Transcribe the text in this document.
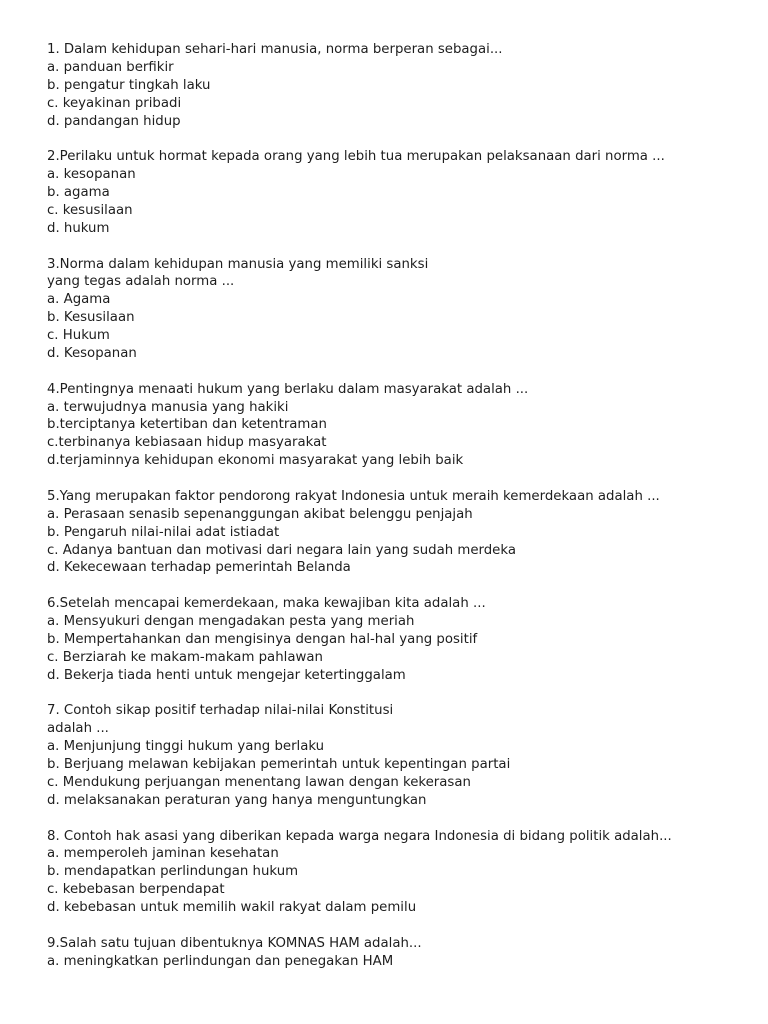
1. Dalam kehidupan sehari-hari manusia, norma berperan sebagai...
a. panduan berfikir
b. pengatur tingkah laku
c. keyakinan pribadi
d. pandangan hidup
2.Perilaku untuk hormat kepada orang yang lebih tua merupakan pelaksanaan dari norma ...
a. kesopanan
b. agama
c. kesusilaan
d. hukum
3.Norma dalam kehidupan manusia yang memiliki sanksi
yang tegas adalah norma ...
a. Agama
b. Kesusilaan
c. Hukum
d. Kesopanan
4.Pentingnya menaati hukum yang berlaku dalam masyarakat adalah ...
a. terwujudnya manusia yang hakiki
b.terciptanya ketertiban dan ketentraman
c.terbinanya kebiasaan hidup masyarakat
d.terjaminnya kehidupan ekonomi masyarakat yang lebih baik
5.Yang merupakan faktor pendorong rakyat Indonesia untuk meraih kemerdekaan adalah ...
a. Perasaan senasib sepenanggungan akibat belenggu penjajah
b. Pengaruh nilai-nilai adat istiadat
c. Adanya bantuan dan motivasi dari negara lain yang sudah merdeka
d. Kekecewaan terhadap pemerintah Belanda
6.Setelah mencapai kemerdekaan, maka kewajiban kita adalah ...
a. Mensyukuri dengan mengadakan pesta yang meriah
b. Mempertahankan dan mengisinya dengan hal-hal yang positif
c. Berziarah ke makam-makam pahlawan
d. Bekerja tiada henti untuk mengejar ketertinggalam
7. Contoh sikap positif terhadap nilai-nilai Konstitusi
adalah ...
a. Menjunjung tinggi hukum yang berlaku
b. Berjuang melawan kebijakan pemerintah untuk kepentingan partai
c. Mendukung perjuangan menentang lawan dengan kekerasan
d. melaksanakan peraturan yang hanya menguntungkan
8. Contoh hak asasi yang diberikan kepada warga negara Indonesia di bidang politik adalah...
a. memperoleh jaminan kesehatan
b. mendapatkan perlindungan hukum
c. kebebasan berpendapat
d. kebebasan untuk memilih wakil rakyat dalam pemilu
9.Salah satu tujuan dibentuknya KOMNAS HAM adalah...
a. meningkatkan perlindungan dan penegakan HAM
